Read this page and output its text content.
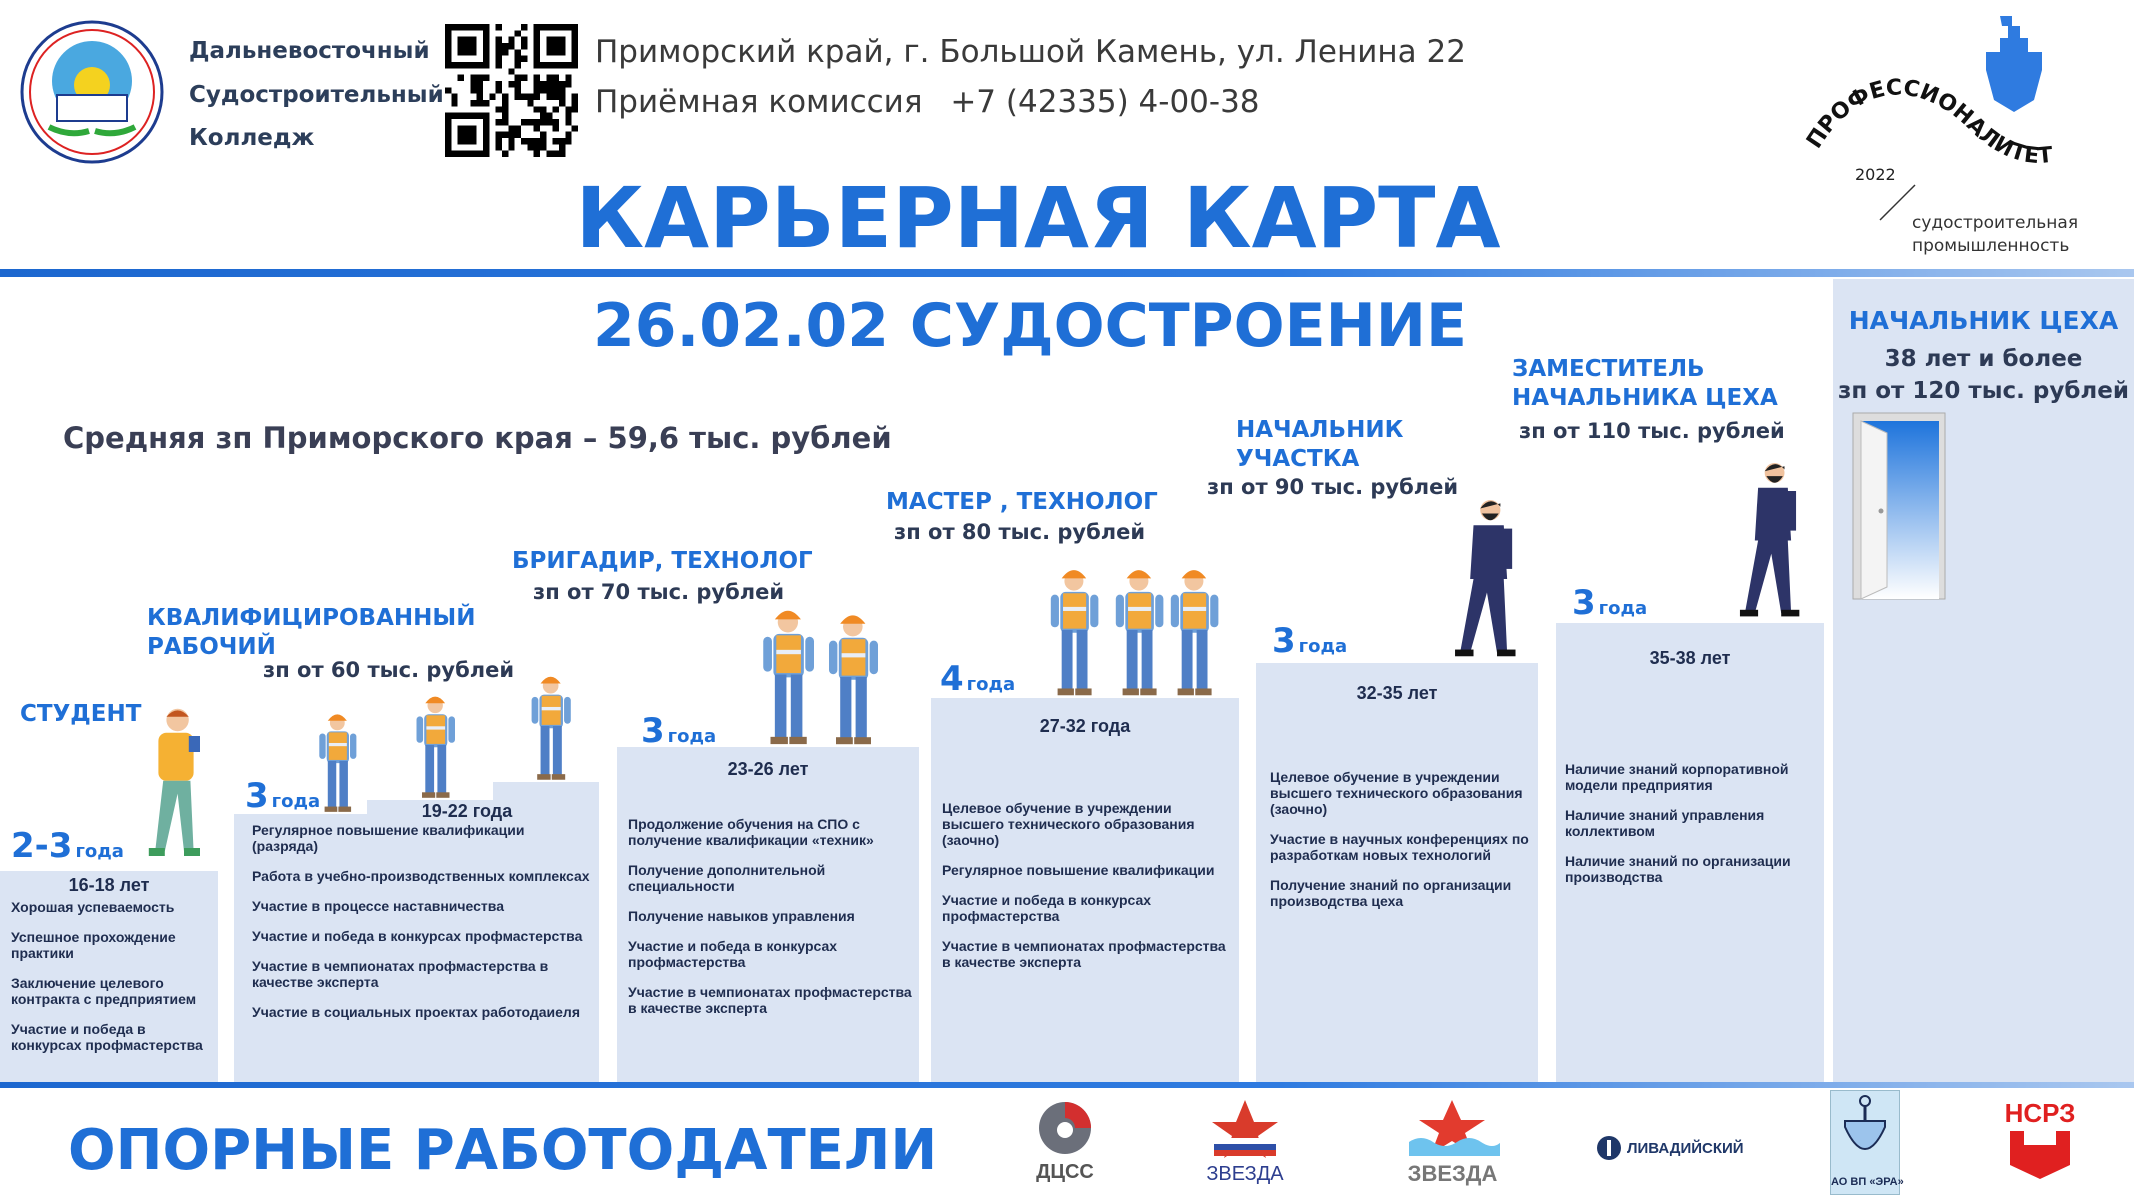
Дальневосточный
Судостроительный
Колледж
Приморский край, г. Большой Камень, ул. Ленина 22
Приёмная комиссия +7 (42335) 4-00-38
ПРОФЕССИОНАЛИТЕТ
2022
судостроительная
промышленность
КАРЬЕРНАЯ КАРТА
26.02.02 СУДОСТРОЕНИЕ
Средняя зп Приморского края – 59,6 тыс. рублей
НАЧАЛЬНИК ЦЕХА
38 лет и более
зп от 120 тыс. рублей
СТУДЕНТ
2-3 года
16-18 лет
Хорошая успеваемость
Успешное прохождение практики
Заключение целевого контракта с предприятием
Участие и победа в конкурсах профмастерства
КВАЛИФИЦИРОВАННЫЙ
РАБОЧИЙ
зп от 60 тыс. рублей
3 года	19-22 года
Регулярное повышение квалификации (разряда)
Работа в учебно-производственных комплексах
Участие в процессе наставничества
Участие и победа в конкурсах профмастерства
Участие в чемпионатах профмастерства в качестве эксперта
Участие в социальных проектах работодаиеля
БРИГАДИР, ТЕХНОЛОГ
зп от 70 тыс. рублей
3 года
23-26 лет
Продолжение обучения на СПО с получение квалификации «техник»
Получение дополнительной специальности
Получение навыков управления
Участие и победа в конкурсах профмастерства
Участие в чемпионатах профмастерства в качестве эксперта
МАСТЕР , ТЕХНОЛОГ
зп от 80 тыс. рублей
4 года
27-32 года
Целевое обучение в учреждении высшего технического образования (заочно)
Регулярное повышение квалификации
Участие и победа в конкурсах профмастерства
Участие в чемпионатах профмастерства в качестве эксперта
НАЧАЛЬНИК
УЧАСТКА
зп от 90 тыс. рублей
3 года
32-35 лет
Целевое обучение в учреждении высшего технического образования (заочно)
Участие в научных конференциях по разработкам новых технологий
Получение знаний по организации производства цеха
ЗАМЕСТИТЕЛЬ
НАЧАЛЬНИКА ЦЕХА
зп от 110 тыс. рублей
3 года
35-38 лет
Наличие знаний корпоративной модели предприятия
Наличие знаний управления коллективом
Наличие знаний по организации производства
ОПОРНЫЕ РАБОТОДАТЕЛИ	ДЦСС	ЗВЕЗДА	ЗВЕЗДА
ЛИВАДИЙСКИЙ
АО ВП «ЭРА»
НСРЗ
